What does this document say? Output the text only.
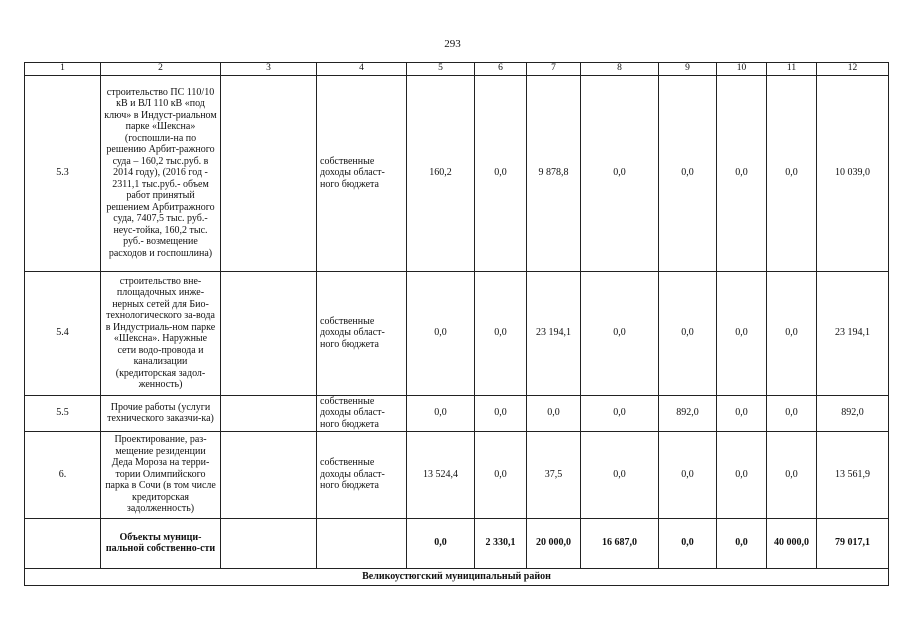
293
1	2	3	4	5	6	7	8	9	10	11	12
5.3	строительство ПС 110/10 кВ и ВЛ 110 кВ «под ключ» в Индуст-риальном парке «Шексна» (госпошли-на по решению Арбит-ражного суда – 160,2 тыс.руб. в 2014 году), (2016 год - 2311,1 тыс.руб.- объем работ принятый решением Арбитражного суда, 7407,5 тыс. руб.- неус-тойка, 160,2 тыс. руб.- возмещение расходов и госпошлина)		собственные доходы област-ного бюджета	160,2	0,0	9 878,8	0,0	0,0	0,0	0,0	10 039,0
5.4	строительство вне-площадочных инже-нерных сетей для Био-технологического за-вода в Индустриаль-ном парке «Шексна». Наружные сети водо-провода и канализации (кредиторская задол-женность)		собственные доходы област-ного бюджета	0,0	0,0	23 194,1	0,0	0,0	0,0	0,0	23 194,1
5.5	Прочие работы (услуги технического заказчи-ка)		собственные доходы област-ного бюджета	0,0	0,0	0,0	0,0	892,0	0,0	0,0	892,0
6.	Проектирование, раз-мещение резиденции Деда Мороза на терри-тории Олимпийского парка в Сочи (в том числе кредиторская задолженность)		собственные доходы област-ного бюджета	13 524,4	0,0	37,5	0,0	0,0	0,0	0,0	13 561,9
	Объекты муници-пальной собственно-сти			0,0	2 330,1	20 000,0	16 687,0	0,0	0,0	40 000,0	79 017,1
Великоустюгский муниципальный район											
